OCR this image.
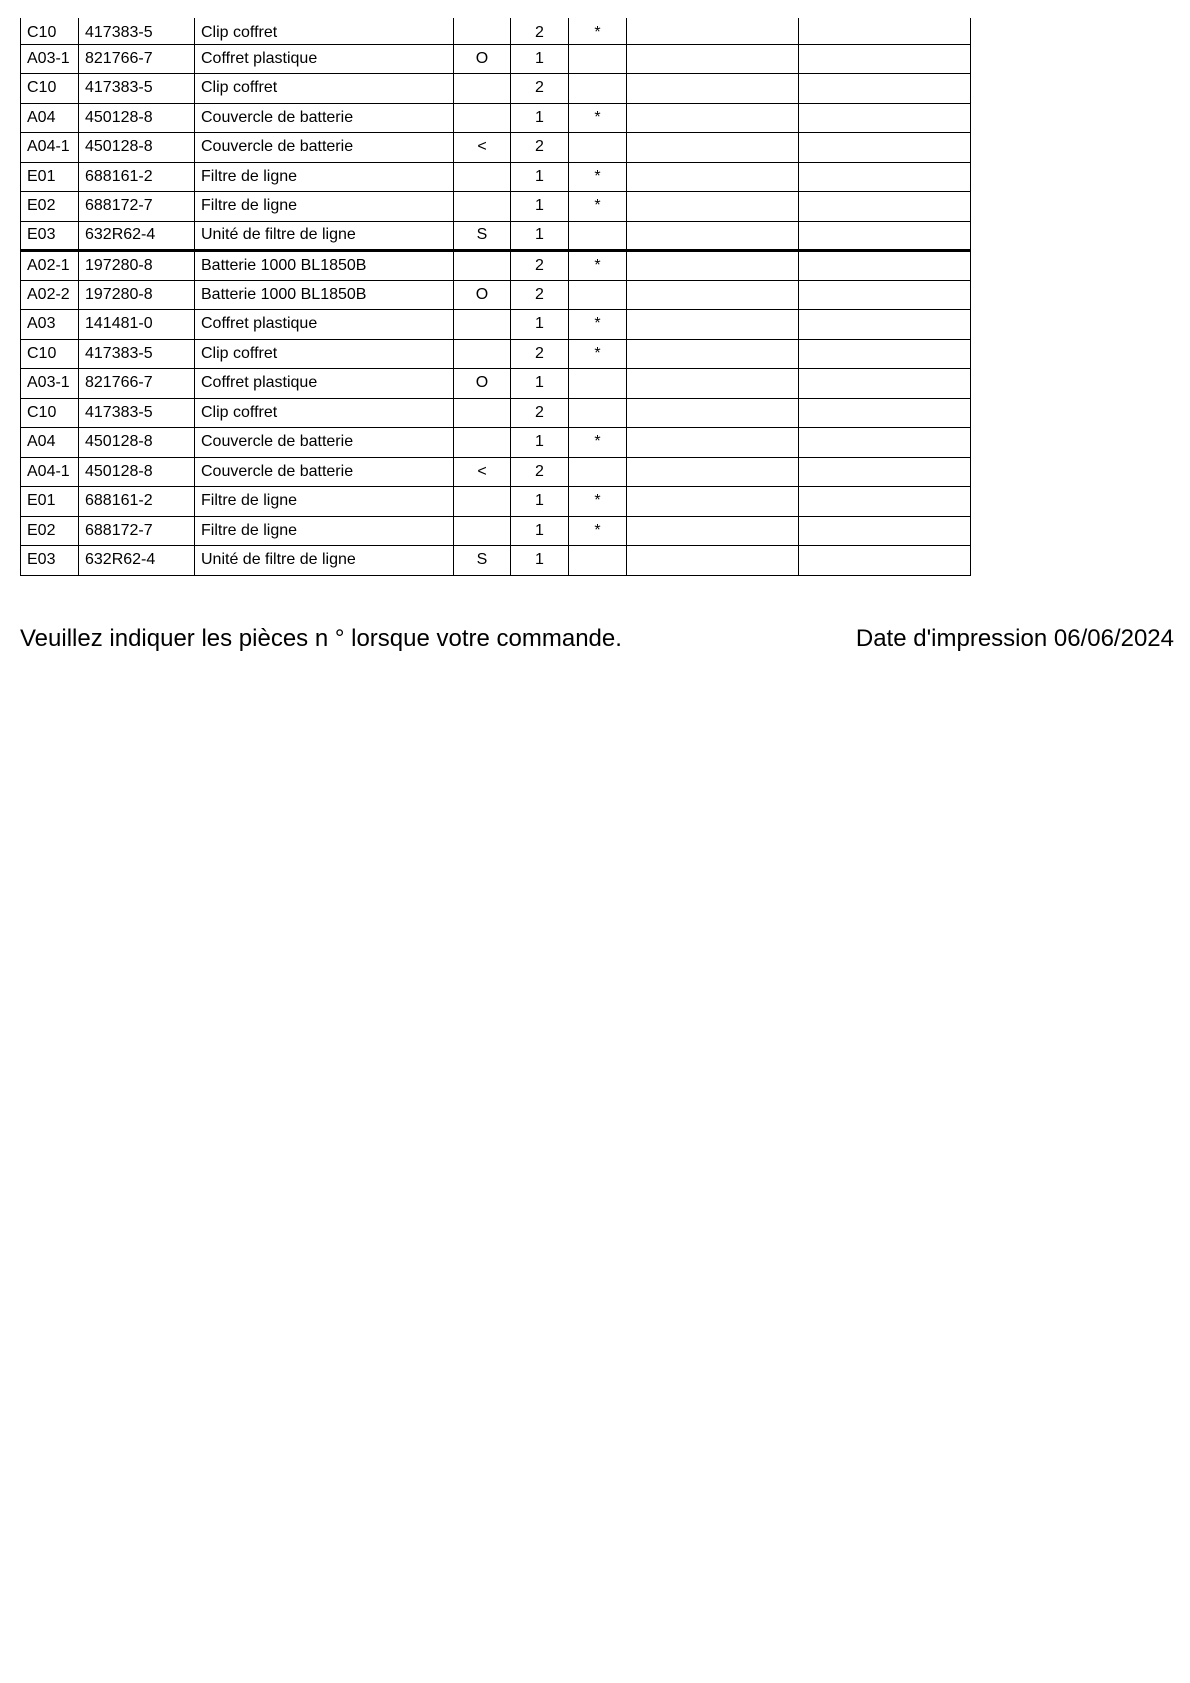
C10	417383-5	Clip coffret		2	*		
A03-1	821766-7	Coffret plastique	O	1			
C10	417383-5	Clip coffret		2			
A04	450128-8	Couvercle de batterie		1	*		
A04-1	450128-8	Couvercle de batterie	<	2			
E01	688161-2	Filtre de ligne		1	*		
E02	688172-7	Filtre de ligne		1	*		
E03	632R62-4	Unité de filtre de ligne	S	1			
A02-1	197280-8	Batterie 1000 BL1850B		2	*		
A02-2	197280-8	Batterie 1000 BL1850B	O	2			
A03	141481-0	Coffret plastique		1	*		
C10	417383-5	Clip coffret		2	*		
A03-1	821766-7	Coffret plastique	O	1			
C10	417383-5	Clip coffret		2			
A04	450128-8	Couvercle de batterie		1	*		
A04-1	450128-8	Couvercle de batterie	<	2			
E01	688161-2	Filtre de ligne		1	*		
E02	688172-7	Filtre de ligne		1	*		
E03	632R62-4	Unité de filtre de ligne	S	1			
Veuillez indiquer les pièces n ° lorsque votre commande.	Date d'impression 06/06/2024
